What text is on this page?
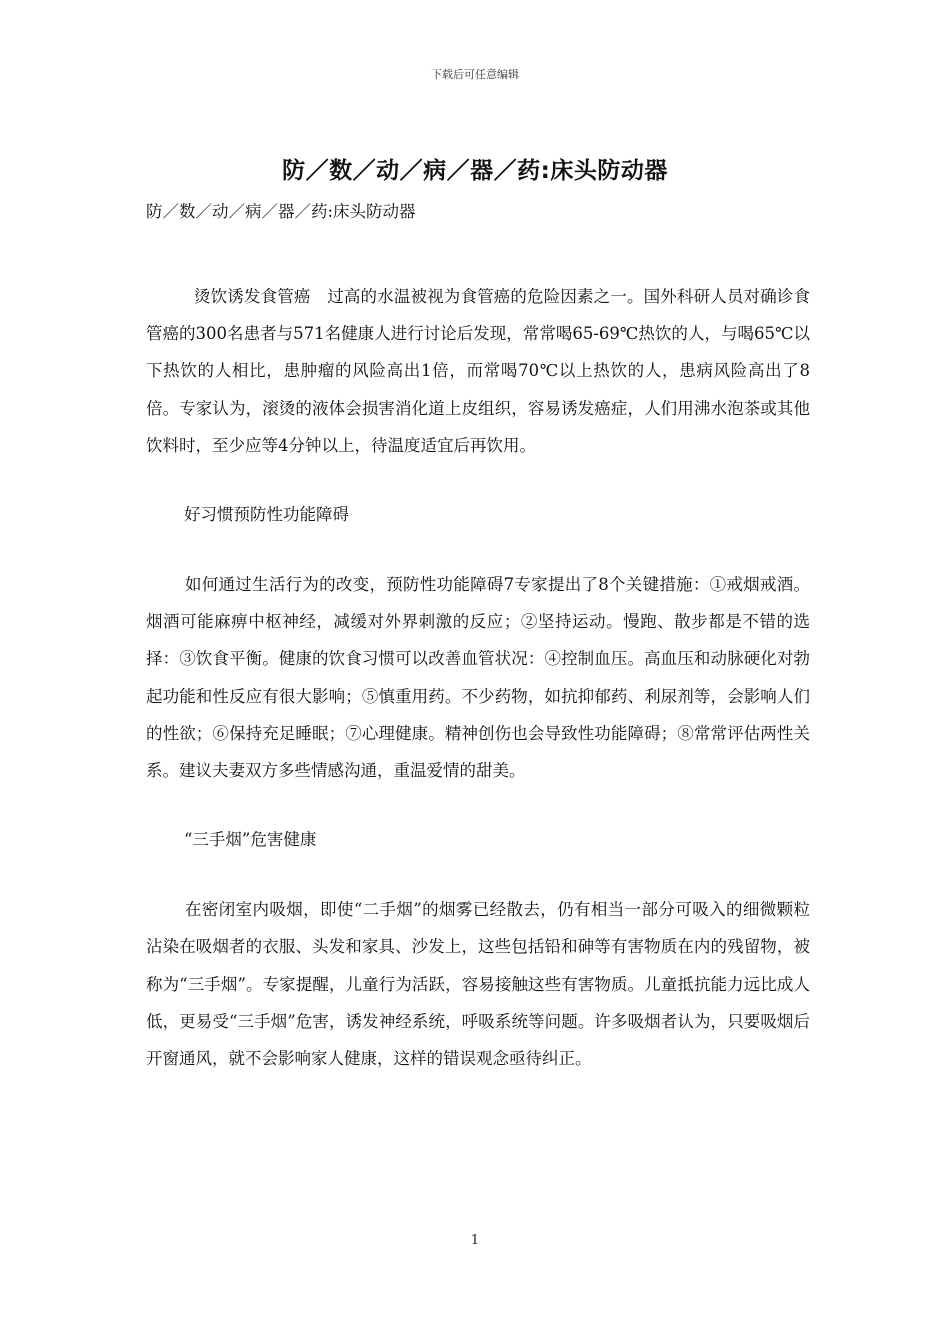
下载后可任意编辑
防／数／动／病／器／药:床头防动器

防／数／动／病／器／药:床头防动器

烫饮诱发食管癌　过高的水温被视为食管癌的危险因素之一。国外科研人员对确诊食管癌的300名患者与571名健康人进行讨论后发现，常常喝65-69℃热饮的人，与喝65℃以下热饮的人相比，患肿瘤的风险高出1倍，而常喝70℃以上热饮的人，患病风险高出了8倍。专家认为，滚烫的液体会损害消化道上皮组织，容易诱发癌症，人们用沸水泡茶或其他饮料时，至少应等4分钟以上，待温度适宜后再饮用。

好习惯预防性功能障碍

如何通过生活行为的改变，预防性功能障碍7专家提出了8个关键措施：①戒烟戒酒。烟酒可能麻痹中枢神经，减缓对外界刺激的反应；②坚持运动。慢跑、散步都是不错的选择：③饮食平衡。健康的饮食习惯可以改善血管状况：④控制血压。高血压和动脉硬化对勃起功能和性反应有很大影响；⑤慎重用药。不少药物，如抗抑郁药、利尿剂等，会影响人们的性欲；⑥保持充足睡眠；⑦心理健康。精神创伤也会导致性功能障碍；⑧常常评估两性关系。建议夫妻双方多些情感沟通，重温爱情的甜美。

“三手烟”危害健康

在密闭室内吸烟，即使“二手烟”的烟雾已经散去，仍有相当一部分可吸入的细微颗粒沾染在吸烟者的衣服、头发和家具、沙发上，这些包括铅和砷等有害物质在内的残留物，被称为“三手烟”。专家提醒，儿童行为活跃，容易接触这些有害物质。儿童抵抗能力远比成人低，更易受“三手烟”危害，诱发神经系统，呼吸系统等问题。许多吸烟者认为，只要吸烟后开窗通风，就不会影响家人健康，这样的错误观念亟待纠正。

1
